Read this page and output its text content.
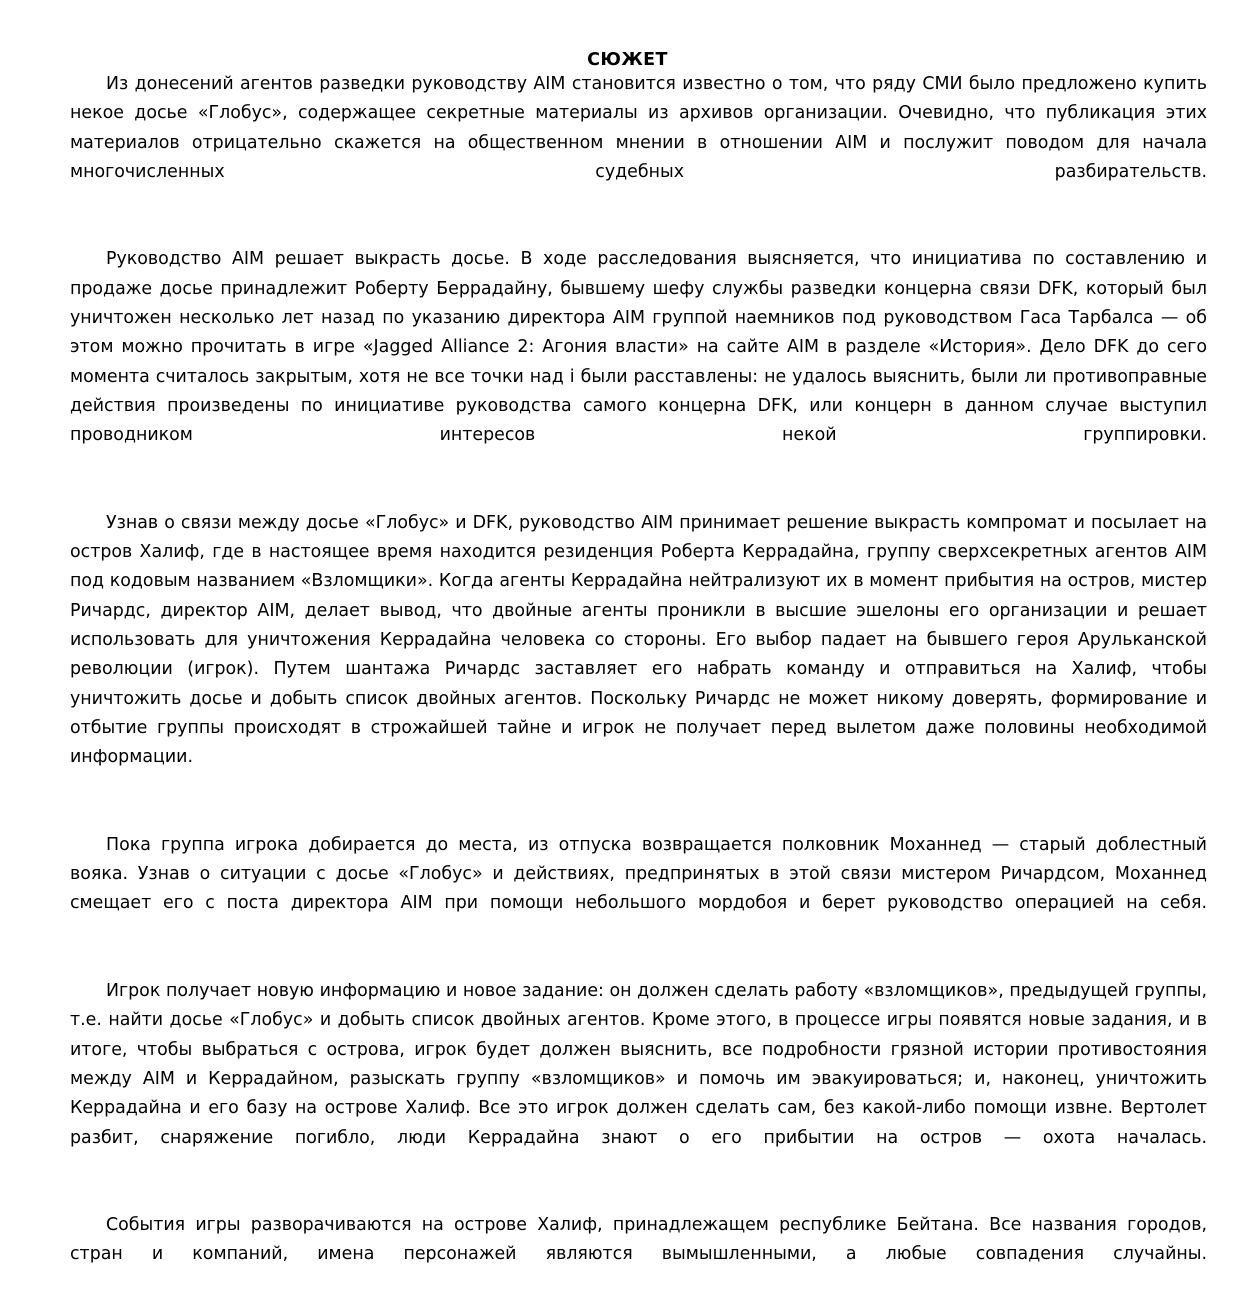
СЮЖЕТ

Из донесений агентов разведки руководству AIM становится известно о том, что ряду СМИ было предложено купить некое досье «Глобус», содержащее секретные материалы из архивов организации. Очевидно, что публикация этих материалов отрицательно скажется на общественном мнении в отношении AIM и послужит поводом для начала многочисленных судебных разбирательств.

Руководство AIM решает выкрасть досье. В ходе расследования выясняется, что инициатива по составлению и продаже досье принадлежит Роберту Беррадайну, бывшему шефу службы разведки концерна связи DFK, который был уничтожен несколько лет назад по указанию директора AIM группой наемников под руководством Гаса Тарбалса — об этом можно прочитать в игре «Jagged Alliance 2: Агония власти» на сайте AIM в разделе «История». Дело DFK до сего момента считалось закрытым, хотя не все точки над i были расставлены: не удалось выяснить, были ли противоправные действия произведены по инициативе руководства самого концерна DFK, или концерн в данном случае выступил проводником интересов некой группировки.

Узнав о связи между досье «Глобус» и DFK, руководство AIM принимает решение выкрасть компромат и посылает на остров Халиф, где в настоящее время находится резиденция Роберта Керрадайна, группу сверхсекретных агентов AIM под кодовым названием «Взломщики». Когда агенты Керрадайна нейтрализуют их в момент прибытия на остров, мистер Ричардс, директор AIM, делает вывод, что двойные агенты проникли в высшие эшелоны его организации и решает использовать для уничтожения Керрадайна человека со стороны. Его выбор падает на бывшего героя Арульканской революции (игрок). Путем шантажа Ричардс заставляет его набрать команду и отправиться на Халиф, чтобы уничтожить досье и добыть список двойных агентов. Поскольку Ричардс не может никому доверять, формирование и отбытие группы происходят в строжайшей тайне и игрок не получает перед вылетом даже половины необходимой информации.

Пока группа игрока добирается до места, из отпуска возвращается полковник Моханнед — старый доблестный вояка. Узнав о ситуации с досье «Глобус» и действиях, предпринятых в этой связи мистером Ричардсом, Моханнед смещает его с поста директора AIM при помощи небольшого мордобоя и берет руководство операцией на себя.

Игрок получает новую информацию и новое задание: он должен сделать работу «взломщиков», предыдущей группы, т.е. найти досье «Глобус» и добыть список двойных агентов. Кроме этого, в процессе игры появятся новые задания, и в итоге, чтобы выбраться с острова, игрок будет должен выяснить, все подробности грязной истории противостояния между AIM и Керрадайном, разыскать группу «взломщиков» и помочь им эвакуироваться; и, наконец, уничтожить Керрадайна и его базу на острове Халиф. Все это игрок должен сделать сам, без какой-либо помощи извне. Вертолет разбит, снаряжение погибло, люди Керрадайна знают о его прибытии на остров — охота началась.

События игры разворачиваются на острове Халиф, принадлежащем республике Бейтана. Все названия городов, стран и компаний, имена персонажей являются вымышленными, а любые совпадения случайны.
